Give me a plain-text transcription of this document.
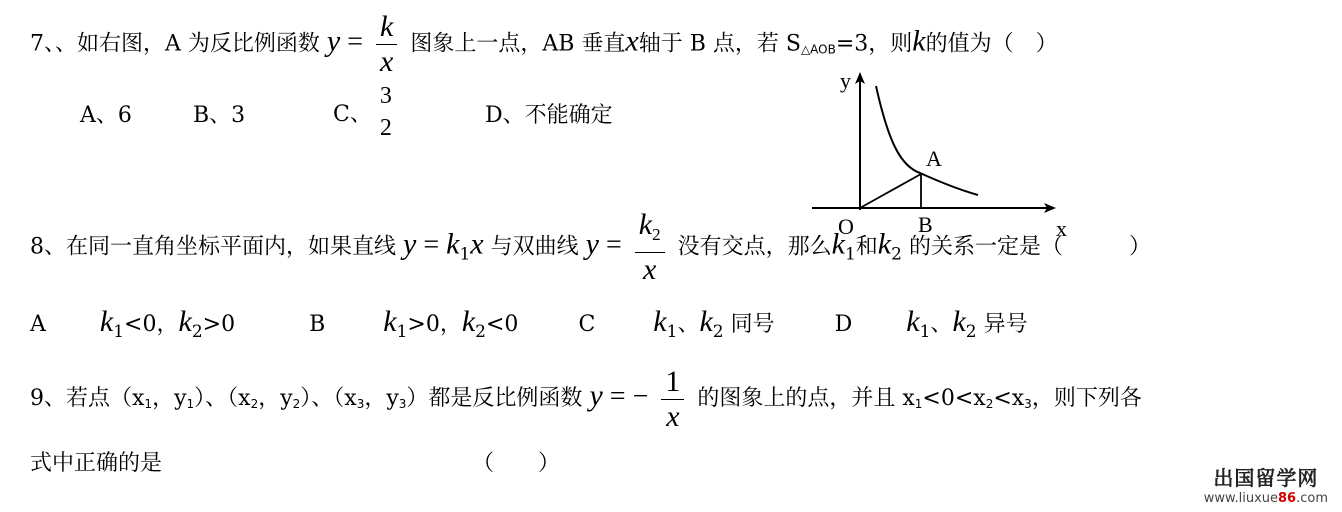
7、、如右图，A 为反比例函数 $y = \frac{k}{x}$ 图象上一点，AB 垂直x轴于 B 点，若 $S_{\triangle AOB}=3$，则k的值为（　）
A、6	B、3	C、
3
2	D、不能确定
y
x
O
A
B
8、在同一直角坐标平面内，如果直线 $y = k_1x$ 与双曲线 $y = \frac{k_2}{x}$ 没有交点，那么$k_1$和$k_2$ 的关系一定是（　　　）
A $k_1<0$，$k_2>0$	B $k_1>0$，$k_2<0$	C $k_1$、$k_2$ 同号	D $k_1$、$k_2$ 异号
9、若点（$x_1$，$y_1$）、（$x_2$，$y_2$）、（$x_3$，$y_3$）都是反比例函数 y = − $\frac{1}{x}$ 的图象上的点，并且 $x_1<0<x_2<x_3$，则下列各
式中正确的是	（　　）
出国留学网
www.liuxue86.com
